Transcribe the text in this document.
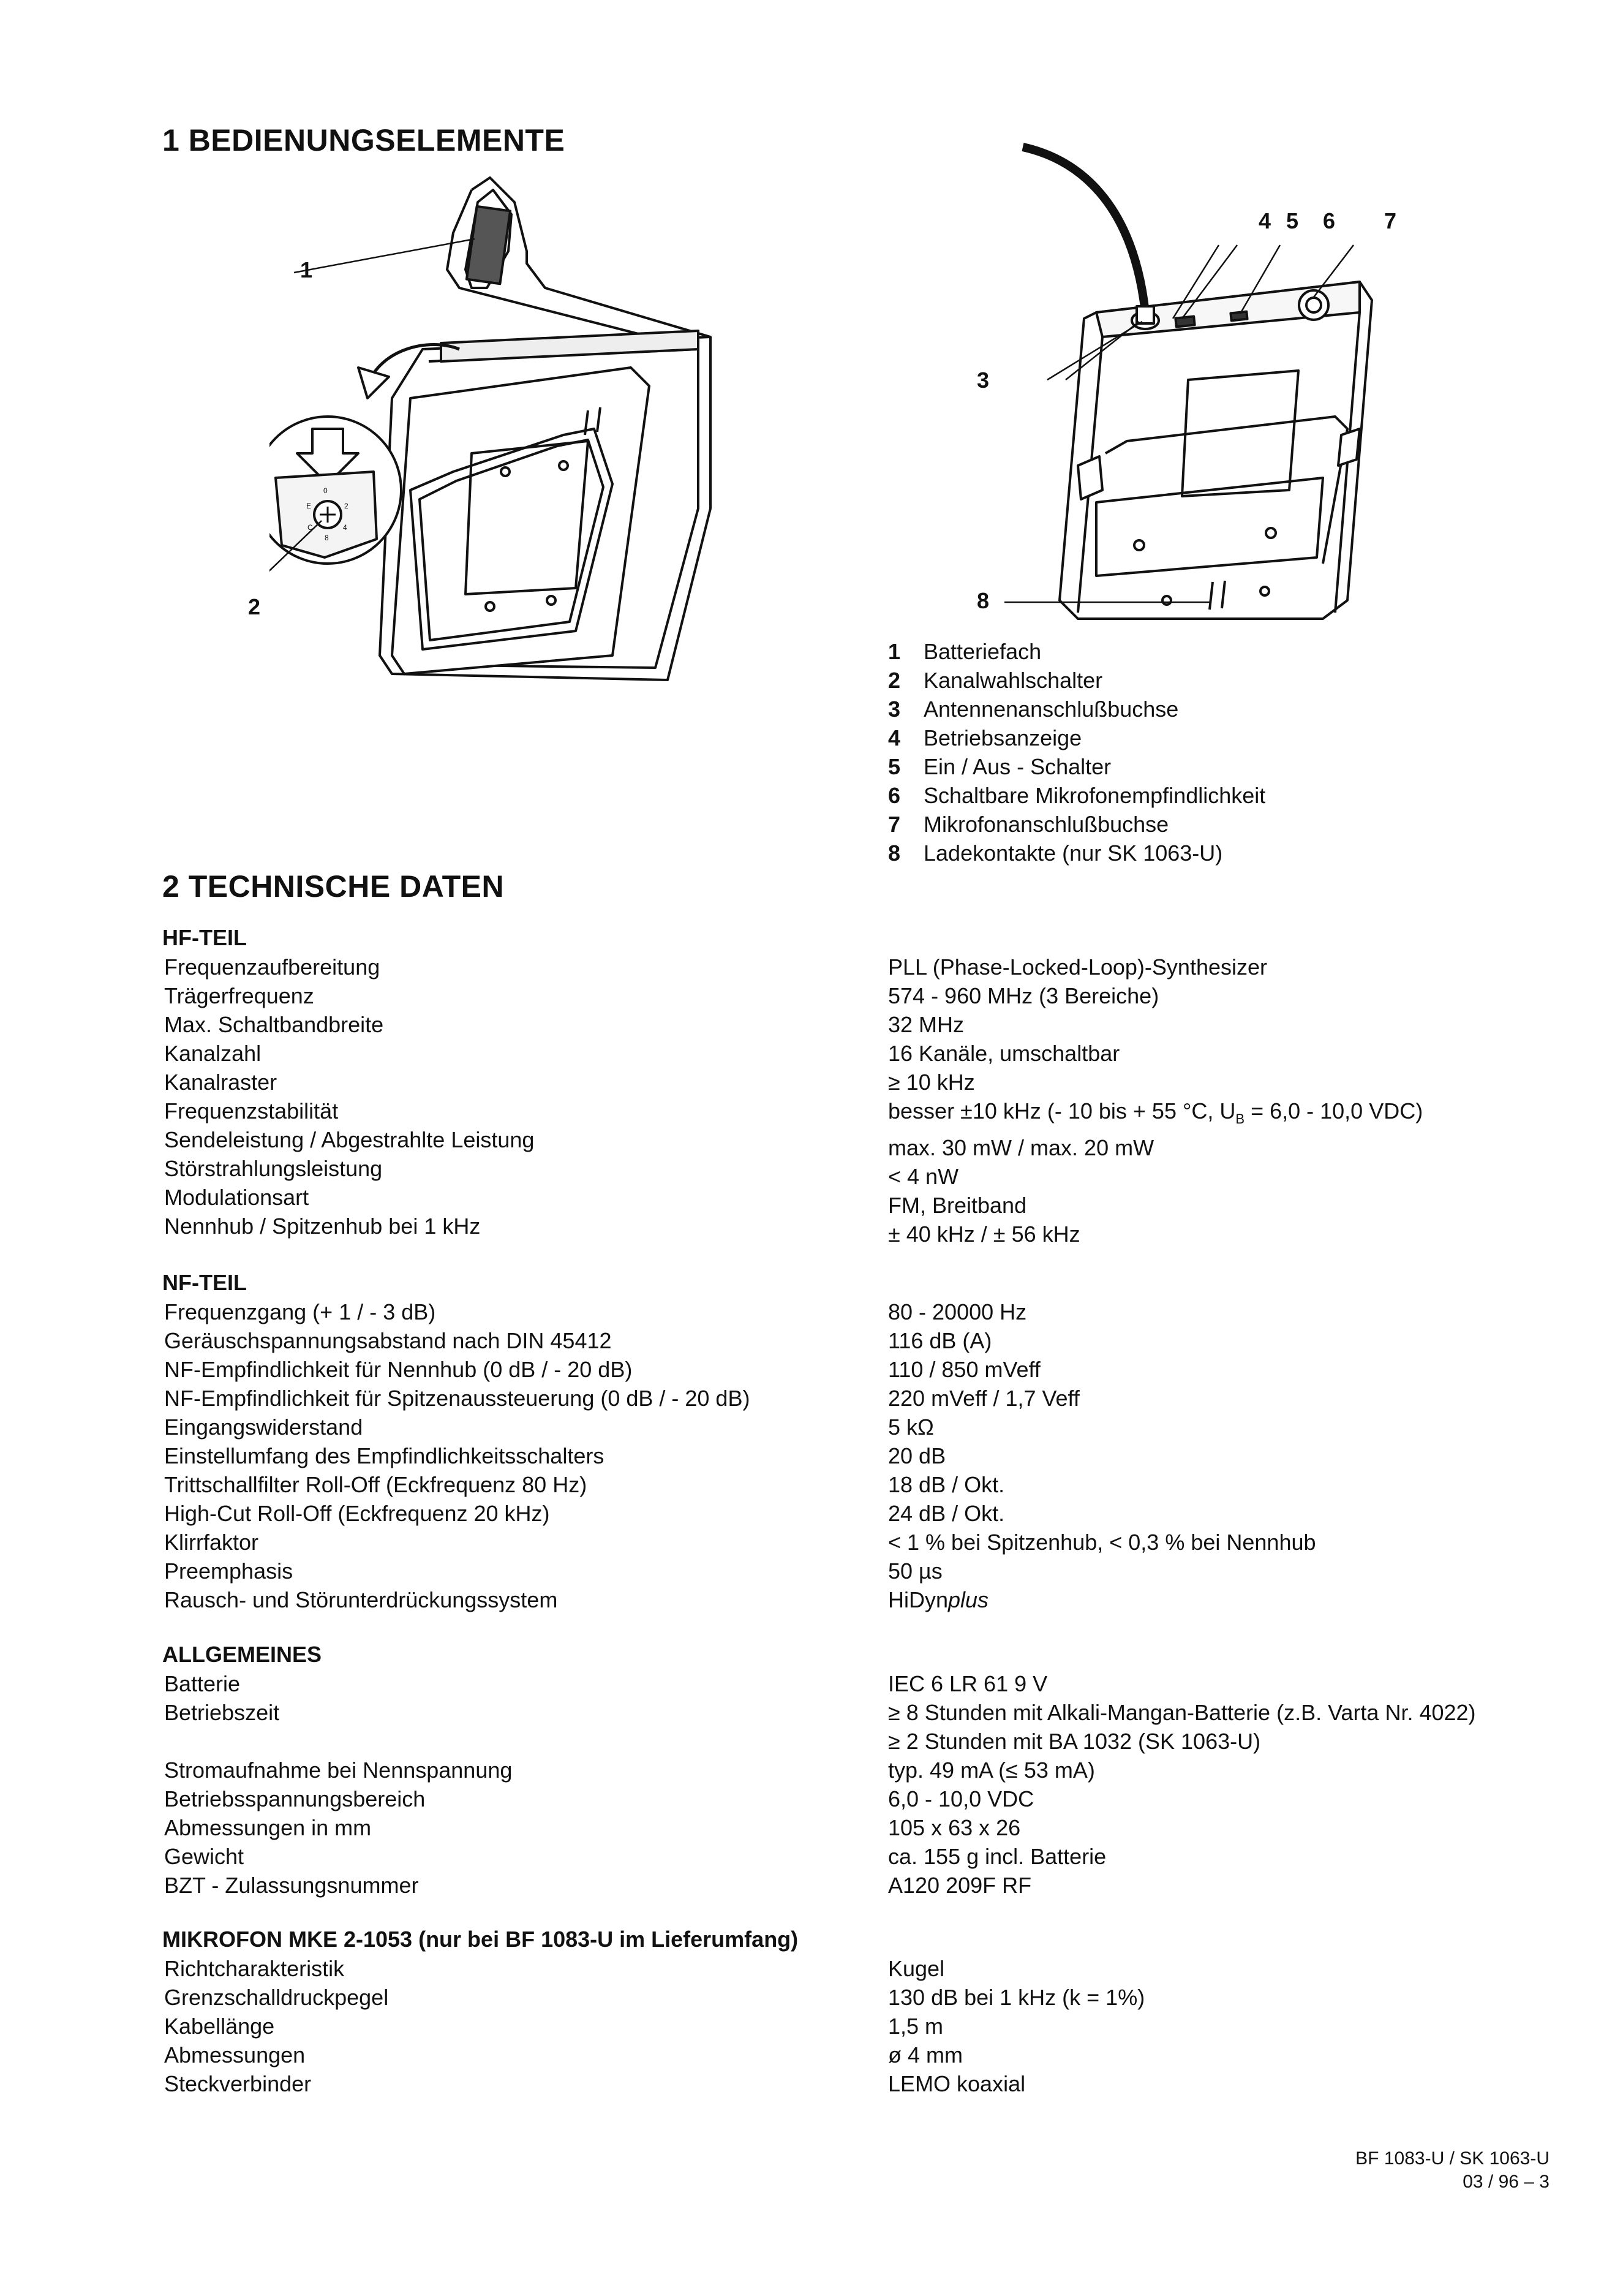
1 BEDIENUNGSELEMENTE
0
E	2
C	4
8
1
2
4 5 6 7
3
8
1 Batteriefach
2 Kanalwahlschalter
3 Antennenanschlußbuchse
4 Betriebsanzeige
5 Ein / Aus - Schalter
6 Schaltbare Mikrofonempfindlichkeit
7 Mikrofonanschlußbuchse
8 Ladekontakte (nur SK 1063-U)
2 TECHNISCHE DATEN
HF-TEIL
Frequenzaufbereitung
Trägerfrequenz
Max. Schaltbandbreite
Kanalzahl
Kanalraster
Frequenzstabilität
Sendeleistung / Abgestrahlte Leistung
Störstrahlungsleistung
Modulationsart
Nennhub / Spitzenhub bei 1 kHz
PLL (Phase-Locked-Loop)-Synthesizer
574 - 960 MHz (3 Bereiche)
32 MHz
16 Kanäle, umschaltbar
≥ 10 kHz
besser ±10 kHz (- 10 bis + 55 °C, $U_B = 6,0 - 10,0$ VDC)
max. 30 mW / max. 20 mW
< 4 nW
FM, Breitband
± 40 kHz / ± 56 kHz
NF-TEIL
Frequenzgang (+ 1 / - 3 dB)
Geräuschspannungsabstand nach DIN 45412
NF-Empfindlichkeit für Nennhub (0 dB / - 20 dB)
NF-Empfindlichkeit für Spitzenaussteuerung (0 dB / - 20 dB)
Eingangswiderstand
Einstellumfang des Empfindlichkeitsschalters
Trittschallfilter Roll-Off (Eckfrequenz 80 Hz)
High-Cut Roll-Off (Eckfrequenz 20 kHz)
Klirrfaktor
Preemphasis
Rausch- und Störunterdrückungssystem
80 - 20000 Hz
116 dB (A)
110 / 850 mVeff
220 mVeff / 1,7 Veff
5 kΩ
20 dB
18 dB / Okt.
24 dB / Okt.
< 1 % bei Spitzenhub, < 0,3 % bei Nennhub
50 µs
HiDynplus
ALLGEMEINES
Batterie
Betriebszeit

Stromaufnahme bei Nennspannung
Betriebsspannungsbereich
Abmessungen in mm
Gewicht
BZT - Zulassungsnummer
IEC 6 LR 61 9 V
≥ 8 Stunden mit Alkali-Mangan-Batterie (z.B. Varta Nr. 4022)
≥ 2 Stunden mit BA 1032 (SK 1063-U)
typ. 49 mA (≤ 53 mA)
6,0 - 10,0 VDC
105 x 63 x 26
ca. 155 g incl. Batterie
A120 209F RF
MIKROFON MKE 2-1053 (nur bei BF 1083-U im Lieferumfang)
Richtcharakteristik
Grenzschalldruckpegel
Kabellänge
Abmessungen
Steckverbinder
Kugel
130 dB bei 1 kHz (k = 1%)
1,5 m
ø 4 mm
LEMO koaxial
BF 1083-U / SK 1063-U
03 / 96 – 3
